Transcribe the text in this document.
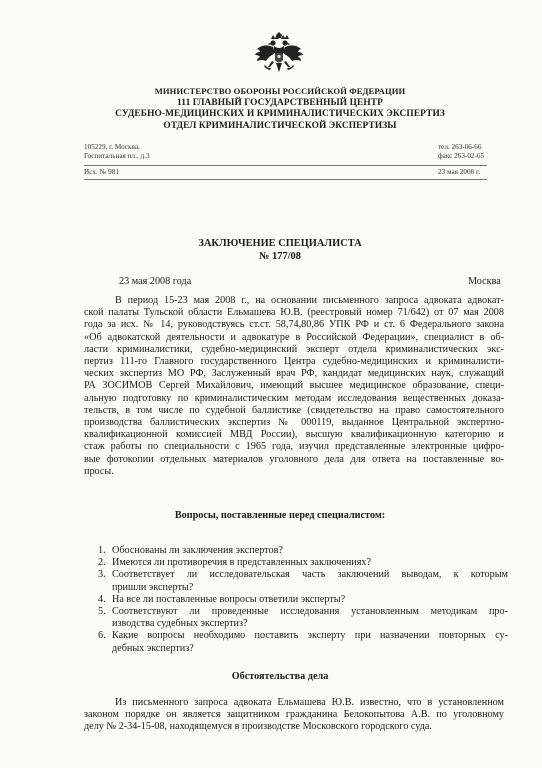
МИНИСТЕРСТВО ОБОРОНЫ РОССИЙСКОЙ ФЕДЕРАЦИИ
111 ГЛАВНЫЙ ГОСУДАРСТВЕННЫЙ ЦЕНТР
СУДЕБНО-МЕДИЦИНСКИХ И КРИМИНАЛИСТИЧЕСКИХ ЭКСПЕРТИЗ
ОТДЕЛ КРИМИНАЛИСТИЧЕСКОЙ ЭКСПЕРТИЗЫ
105229, г. Москва,
Госпитальная пл., д.3
тел. 263-06-66
факс 263-02-65
Исх. № 981	23 мая 2008 г.
ЗАКЛЮЧЕНИЕ СПЕЦИАЛИСТА
№ 177/08
23 мая 2008 года	Москва
В период 15-23 мая 2008 г., на основании письменного запроса адвоката адвокат-
ской палаты Тульской области Ельмашева Ю.В. (реестровый номер 71/642) от 07 мая 2008
года за исх. № 14, руководствуясь ст.ст. 58,74,80,86 УПК РФ и ст. 6 Федерального закона
«Об адвокатской деятельности и адвокатуре в Российской Федерации», специалист в об-
ласти криминалистики, судебно-медицинский эксперт отдела криминалистических экс-
пертиз 111-го Главного государственного Центра судебно-медицинских и криминалисти-
ческих экспертиз МО РФ, Заслуженный врач РФ, кандидат медицинских наук, служащий
РА ЗОСИМОВ Сергей Михайлович, имеющий высшее медицинское образование, специ-
альную подготовку по криминалистическим методам исследования вещественных доказа-
тельств, в том числе по судебной баллистике (свидетельство на право самостоятельного
производства баллистических экспертиз № 000119, выданное Центральной экспертно-
квалификационной комиссией МВД России), высшую квалификационную категорию и
стаж работы по специальности с 1965 года, изучил представленные электронные цифро-
вые фотокопии отдельных материалов уголовного дела для ответа на поставленные во-
просы.
Вопросы, поставленные перед специалистом:
1. Обоснованы ли заключения экспертов?
2. Имеются ли противоречия в представленных заключениях?
3. Соответствует ли исследовательская часть заключений выводам, к которым
пришли эксперты?
4. На все ли поставленные вопросы ответили эксперты?
5. Соответствуют ли проведенные исследования установленным методикам про-
изводства судебных экспертиз?
6. Какие вопросы необходимо поставить эксперту при назначении повторных су-
дебных экспертиз?
Обстоятельства дела
Из письменного запроса адвоката Ельмашева Ю.В. известно, что в установленном
законом порядке он является защитником гражданина Белокопытова А.В. по уголовному
делу № 2-34-15-08, находящемуся в производстве Московского городского суда.
